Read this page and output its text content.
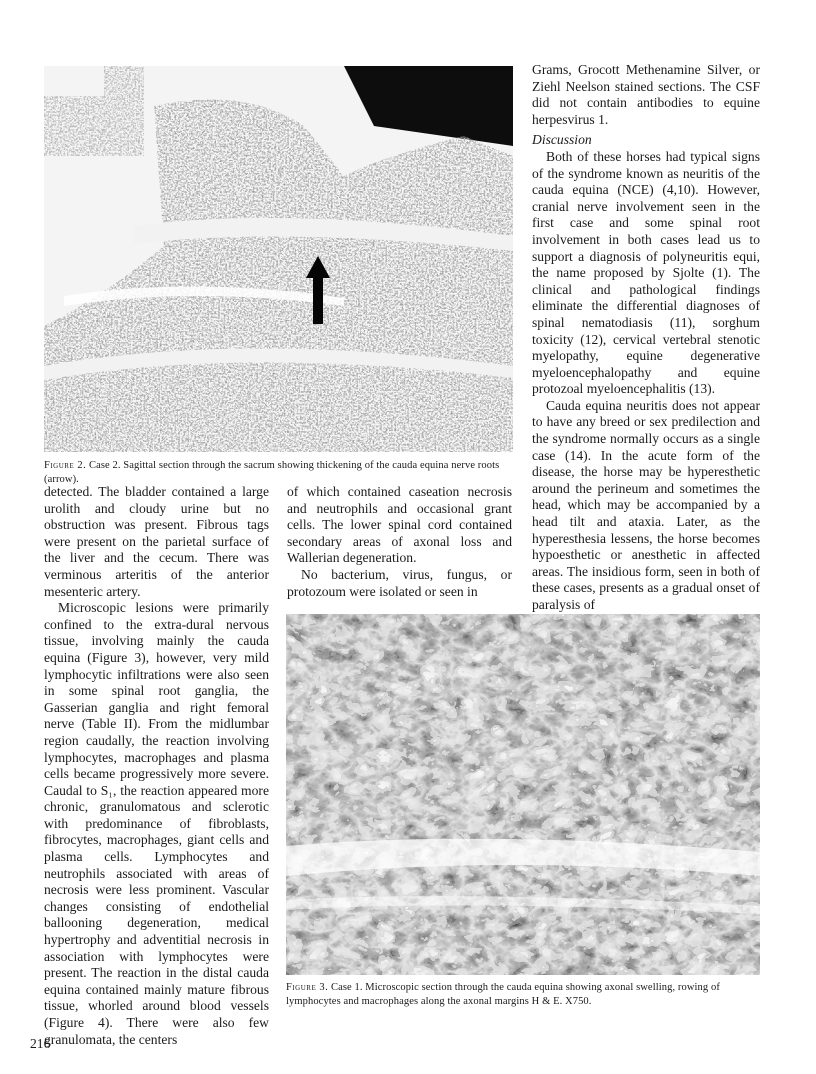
Figure 2. Case 2. Sagittal section through the sacrum showing thickening of the cauda equina nerve roots (arrow).

detected. The bladder contained a large urolith and cloudy urine but no obstruction was present. Fibrous tags were present on the parietal surface of the liver and the cecum. There was verminous arteritis of the anterior mesenteric artery.

Microscopic lesions were primarily confined to the extra-dural nervous tissue, involving mainly the cauda equina (Figure 3), however, very mild lymphocytic infiltrations were also seen in some spinal root ganglia, the Gasserian ganglia and right femoral nerve (Table II). From the midlumbar region caudally, the reaction involving lymphocytes, macrophages and plasma cells became progressively more severe. Caudal to S₁, the reaction appeared more chronic, granulomatous and sclerotic with predominance of fibroblasts, fibrocytes, macrophages, giant cells and plasma cells. Lymphocytes and neutrophils associated with areas of necrosis were less prominent. Vascular changes consisting of endothelial ballooning degeneration, medical hypertrophy and adventitial necrosis in association with lymphocytes were present. The reaction in the distal cauda equina contained mainly mature fibrous tissue, whorled around blood vessels (Figure 4). There were also few granulomata, the centers

of which contained caseation necrosis and neutrophils and occasional grant cells. The lower spinal cord contained secondary areas of axonal loss and Wallerian degeneration.

No bacterium, virus, fungus, or protozoum were isolated or seen in

Grams, Grocott Methenamine Silver, or Ziehl Neelson stained sections. The CSF did not contain antibodies to equine herpesvirus 1.

Discussion

Both of these horses had typical signs of the syndrome known as neuritis of the cauda equina (NCE) (4,10). However, cranial nerve involvement seen in the first case and some spinal root involvement in both cases lead us to support a diagnosis of polyneuritis equi, the name proposed by Sjolte (1). The clinical and pathological findings eliminate the differential diagnoses of spinal nematodiasis (11), sorghum toxicity (12), cervical vertebral stenotic myelopathy, equine degenerative myeloencephalopathy and equine protozoal myeloencephalitis (13).

Cauda equina neuritis does not appear to have any breed or sex predilection and the syndrome normally occurs as a single case (14). In the acute form of the disease, the horse may be hyperesthetic around the perineum and sometimes the head, which may be accompanied by a head tilt and ataxia. Later, as the hyperesthesia lessens, the horse becomes hypoesthetic or anesthetic in affected areas. The insidious form, seen in both of these cases, presents as a gradual onset of paralysis of

Figure 3. Case 1. Microscopic section through the cauda equina showing axonal swelling, rowing of lymphocytes and macrophages along the axonal margins H & E. X750.

216
